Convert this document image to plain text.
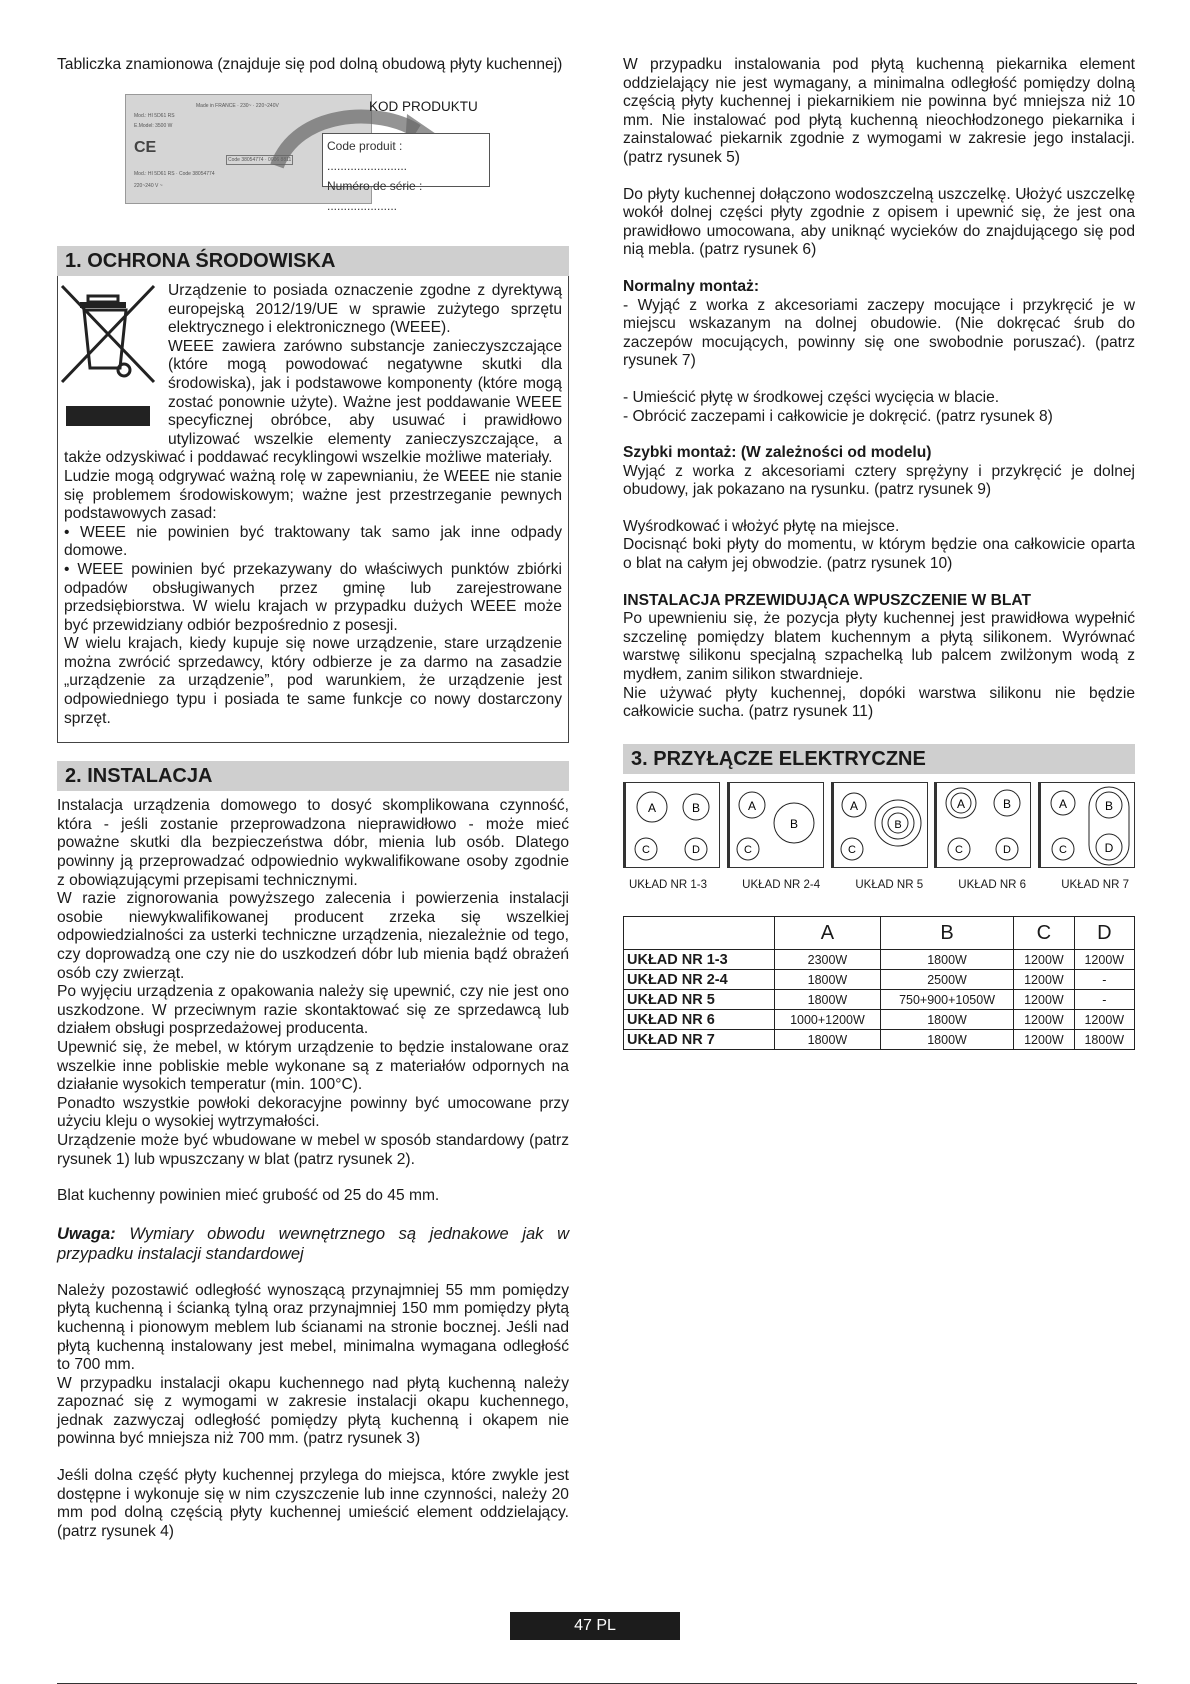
Tabliczka znamionowa (znajduje się pod dolną obudową płyty kuchennej)

Made in FRANCE · 230~ · 220~240V
Mod.: HI 5D61 RS
E.Model: 3500 W
CE
Code 38054774 · 0006 8811
Mod.: HI 5D61 RS · Code 38054774
220~240 V ~
KOD PRODUKTU
Code produit : ........................
Numéro de série : .....................
1. OCHRONA ŚRODOWISKA

Urządzenie to posiada oznaczenie zgodne z dyrektywą europejską 2012/19/UE w sprawie zużytego sprzętu elektrycznego i elektronicznego (WEEE).

WEEE zawiera zarówno substancje zanieczyszczające (które mogą powodować negatywne skutki dla środowiska), jak i podstawowe komponenty (które mogą zostać ponownie użyte). Ważne jest poddawanie WEEE specyficznej obróbce, aby usuwać i prawidłowo utylizować wszelkie elementy zanieczyszczające, a także odzyskiwać i poddawać recyklingowi wszelkie możliwe materiały.

Ludzie mogą odgrywać ważną rolę w zapewnianiu, że WEEE nie stanie się problemem środowiskowym; ważne jest przestrzeganie pewnych podstawowych zasad:

• WEEE nie powinien być traktowany tak samo jak inne odpady domowe.

• WEEE powinien być przekazywany do właściwych punktów zbiórki odpadów obsługiwanych przez gminę lub zarejestrowane przedsiębiorstwa. W wielu krajach w przypadku dużych WEEE może być przewidziany odbiór bezpośrednio z posesji.

W wielu krajach, kiedy kupuje się nowe urządzenie, stare urządzenie można zwrócić sprzedawcy, który odbierze je za darmo na zasadzie „urządzenie za urządzenie”, pod warunkiem, że urządzenie jest odpowiedniego typu i posiada te same funkcje co nowy dostarczony sprzęt.

2. INSTALACJA

Instalacja urządzenia domowego to dosyć skomplikowana czynność, która - jeśli zostanie przeprowadzona nieprawidłowo - może mieć poważne skutki dla bezpieczeństwa dóbr, mienia lub osób. Dlatego powinny ją przeprowadzać odpowiednio wykwalifikowane osoby zgodnie z obowiązującymi przepisami technicznymi.

W razie zignorowania powyższego zalecenia i powierzenia instalacji osobie niewykwalifikowanej producent zrzeka się wszelkiej odpowiedzialności za usterki techniczne urządzenia, niezależnie od tego, czy doprowadzą one czy nie do uszkodzeń dóbr lub mienia bądź obrażeń osób czy zwierząt.

Po wyjęciu urządzenia z opakowania należy się upewnić, czy nie jest ono uszkodzone. W przeciwnym razie skontaktować się ze sprzedawcą lub działem obsługi posprzedażowej producenta.

Upewnić się, że mebel, w którym urządzenie to będzie instalowane oraz wszelkie inne pobliskie meble wykonane są z materiałów odpornych na działanie wysokich temperatur (min. 100°C).

Ponadto wszystkie powłoki dekoracyjne powinny być umocowane przy użyciu kleju o wysokiej wytrzymałości.

Urządzenie może być wbudowane w mebel w sposób standardowy (patrz rysunek 1) lub wpuszczany w blat (patrz rysunek 2).

Blat kuchenny powinien mieć grubość od 25 do 45 mm.

Uwaga: Wymiary obwodu wewnętrznego są jednakowe jak w przypadku instalacji standardowej

Należy pozostawić odległość wynoszącą przynajmniej 55 mm pomiędzy płytą kuchenną i ścianką tylną oraz przynajmniej 150 mm pomiędzy płytą kuchenną i pionowym meblem lub ścianami na stronie bocznej. Jeśli nad płytą kuchenną instalowany jest mebel, minimalna wymagana odległość to 700 mm.

W przypadku instalacji okapu kuchennego nad płytą kuchenną należy zapoznać się z wymogami w zakresie instalacji okapu kuchennego, jednak zazwyczaj odległość pomiędzy płytą kuchenną i okapem nie powinna być mniejsza niż 700 mm. (patrz rysunek 3)

Jeśli dolna część płyty kuchennej przylega do miejsca, które zwykle jest dostępne i wykonuje się w nim czyszczenie lub inne czynności, należy 20 mm pod dolną częścią płyty kuchennej umieścić element oddzielający. (patrz rysunek 4)

W przypadku instalowania pod płytą kuchenną piekarnika element oddzielający nie jest wymagany, a minimalna odległość pomiędzy dolną częścią płyty kuchennej i piekarnikiem nie powinna być mniejsza niż 10 mm. Nie instalować pod płytą kuchenną nieochłodzonego piekarnika i zainstalować piekarnik zgodnie z wymogami w zakresie jego instalacji. (patrz rysunek 5)

Do płyty kuchennej dołączono wodoszczelną uszczelkę. Ułożyć uszczelkę wokół dolnej części płyty zgodnie z opisem i upewnić się, że jest ona prawidłowo umocowana, aby uniknąć wycieków do znajdującego się pod nią mebla. (patrz rysunek 6)

Normalny montaż:

- Wyjąć z worka z akcesoriami zaczepy mocujące i przykręcić je w miejscu wskazanym na dolnej obudowie. (Nie dokręcać śrub do zaczepów mocujących, powinny się one swobodnie poruszać). (patrz rysunek 7)

- Umieścić płytę w środkowej części wycięcia w blacie.

- Obrócić zaczepami i całkowicie je dokręcić. (patrz rysunek 8)

Szybki montaż: (W zależności od modelu)

Wyjąć z worka z akcesoriami cztery sprężyny i przykręcić je dolnej obudowy, jak pokazano na rysunku. (patrz rysunek 9)

Wyśrodkować i włożyć płytę na miejsce.

Docisnąć boki płyty do momentu, w którym będzie ona całkowicie oparta o blat na całym jej obwodzie. (patrz rysunek 10)

INSTALACJA PRZEWIDUJĄCA WPUSZCZENIE W BLAT

Po upewnieniu się, że pozycja płyty kuchennej jest prawidłowa wypełnić szczelinę pomiędzy blatem kuchennym a płytą silikonem. Wyrównać warstwę silikonu specjalną szpachelką lub palcem zwilżonym wodą z mydłem, zanim silikon stwardnieje.

Nie używać płyty kuchennej, dopóki warstwa silikonu nie będzie całkowicie sucha. (patrz rysunek 11)

3. PRZYŁĄCZE ELEKTRYCZNE
A	B
C	D
A
B
C
A
B
C
A	B
C	D
A
C
B
D
UKŁAD NR 1-3	UKŁAD NR 2-4	UKŁAD NR 5	UKŁAD NR 6	UKŁAD NR 7
	A	B	C	D
UKŁAD NR 1-3	2300W	1800W	1200W	1200W
UKŁAD NR 2-4	1800W	2500W	1200W	-
UKŁAD NR 5	1800W	750+900+1050W	1200W	-
UKŁAD NR 6	1000+1200W	1800W	1200W	1200W
UKŁAD NR 7	1800W	1800W	1200W	1800W
47 PL
